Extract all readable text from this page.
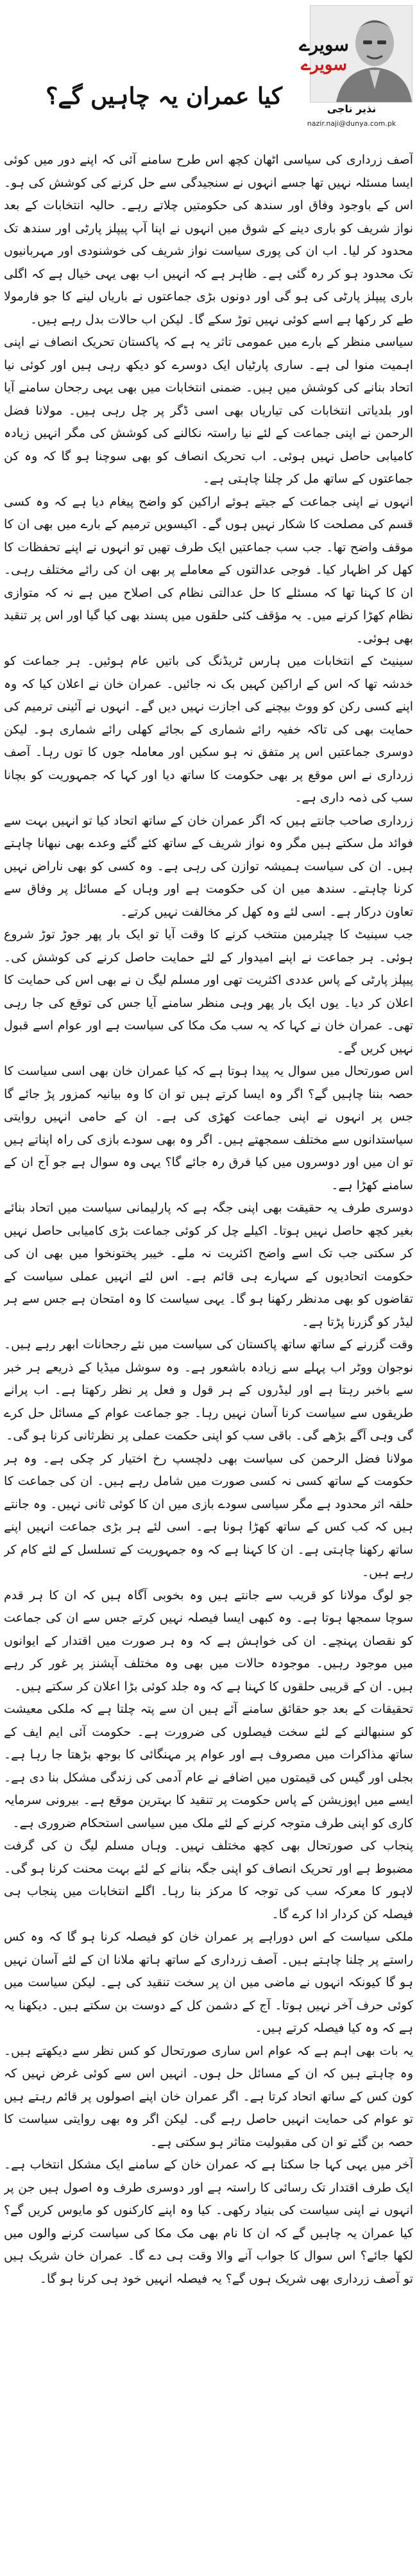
کیا عمران یہ چاہیں گے؟
سویرے
سویرے
نذیر ناجی
nazir.naji@dunya.com.pk

آصف زرداری کی سیاسی اٹھان کچھ اس طرح سامنے آئی کہ اپنے دور میں کوئی ایسا مسئلہ نہیں تھا جسے انہوں نے سنجیدگی سے حل کرنے کی کوشش کی ہو۔ اس کے باوجود وفاق اور سندھ کی حکومتیں چلاتے رہے۔ حالیہ انتخابات کے بعد نواز شریف کو باری دینے کے شوق میں انہوں نے اپنا آپ پیپلز پارٹی اور سندھ تک محدود کر لیا۔ اب ان کی پوری سیاست نواز شریف کی خوشنودی اور مہربانیوں تک محدود ہو کر رہ گئی ہے۔ ظاہر ہے کہ انہیں اب بھی یہی خیال ہے کہ اگلی باری پیپلز پارٹی کی ہو گی اور دونوں بڑی جماعتوں نے باریاں لینے کا جو فارمولا طے کر رکھا ہے اسے کوئی نہیں توڑ سکے گا۔ لیکن اب حالات بدل رہے ہیں۔

سیاسی منظر کے بارے میں عمومی تاثر یہ ہے کہ پاکستان تحریک انصاف نے اپنی اہمیت منوا لی ہے۔ ساری پارٹیاں ایک دوسرے کو دیکھ رہی ہیں اور کوئی نیا اتحاد بنانے کی کوشش میں ہیں۔ ضمنی انتخابات میں بھی یہی رجحان سامنے آیا اور بلدیاتی انتخابات کی تیاریاں بھی اسی ڈگر پر چل رہی ہیں۔ مولانا فضل الرحمن نے اپنی جماعت کے لئے نیا راستہ نکالنے کی کوشش کی مگر انہیں زیادہ کامیابی حاصل نہیں ہوئی۔ اب تحریک انصاف کو بھی سوچنا ہو گا کہ وہ کن جماعتوں کے ساتھ مل کر چلنا چاہتی ہے۔

انہوں نے اپنی جماعت کے جیتے ہوئے اراکین کو واضح پیغام دیا ہے کہ وہ کسی قسم کی مصلحت کا شکار نہیں ہوں گے۔ اکیسویں ترمیم کے بارے میں بھی ان کا موقف واضح تھا۔ جب سب جماعتیں ایک طرف تھیں تو انہوں نے اپنے تحفظات کا کھل کر اظہار کیا۔ فوجی عدالتوں کے معاملے پر بھی ان کی رائے مختلف رہی۔ ان کا کہنا تھا کہ مسئلے کا حل عدالتی نظام کی اصلاح میں ہے نہ کہ متوازی نظام کھڑا کرنے میں۔ یہ مؤقف کئی حلقوں میں پسند بھی کیا گیا اور اس پر تنقید بھی ہوئی۔

سینیٹ کے انتخابات میں ہارس ٹریڈنگ کی باتیں عام ہوئیں۔ ہر جماعت کو خدشہ تھا کہ اس کے اراکین کہیں بک نہ جائیں۔ عمران خان نے اعلان کیا کہ وہ اپنے کسی رکن کو ووٹ بیچنے کی اجازت نہیں دیں گے۔ انہوں نے آئینی ترمیم کی حمایت بھی کی تاکہ خفیہ رائے شماری کے بجائے کھلی رائے شماری ہو۔ لیکن دوسری جماعتیں اس پر متفق نہ ہو سکیں اور معاملہ جوں کا توں رہا۔ آصف زرداری نے اس موقع پر بھی حکومت کا ساتھ دیا اور کہا کہ جمہوریت کو بچانا سب کی ذمہ داری ہے۔

زرداری صاحب جانتے ہیں کہ اگر عمران خان کے ساتھ اتحاد کیا تو انہیں بہت سے فوائد مل سکتے ہیں مگر وہ نواز شریف کے ساتھ کئے گئے وعدے بھی نبھانا چاہتے ہیں۔ ان کی سیاست ہمیشہ توازن کی رہی ہے۔ وہ کسی کو بھی ناراض نہیں کرنا چاہتے۔ سندھ میں ان کی حکومت ہے اور وہاں کے مسائل پر وفاق سے تعاون درکار ہے۔ اسی لئے وہ کھل کر مخالفت نہیں کرتے۔

جب سینیٹ کا چیئرمین منتخب کرنے کا وقت آیا تو ایک بار پھر جوڑ توڑ شروع ہوئی۔ ہر جماعت نے اپنے امیدوار کے لئے حمایت حاصل کرنے کی کوشش کی۔ پیپلز پارٹی کے پاس عددی اکثریت تھی اور مسلم لیگ ن نے بھی اس کی حمایت کا اعلان کر دیا۔ یوں ایک بار پھر وہی منظر سامنے آیا جس کی توقع کی جا رہی تھی۔ عمران خان نے کہا کہ یہ سب مک مکا کی سیاست ہے اور عوام اسے قبول نہیں کریں گے۔

اس صورتحال میں سوال یہ پیدا ہوتا ہے کہ کیا عمران خان بھی اسی سیاست کا حصہ بننا چاہیں گے؟ اگر وہ ایسا کرتے ہیں تو ان کا وہ بیانیہ کمزور پڑ جائے گا جس پر انہوں نے اپنی جماعت کھڑی کی ہے۔ ان کے حامی انہیں روایتی سیاستدانوں سے مختلف سمجھتے ہیں۔ اگر وہ بھی سودے بازی کی راہ اپناتے ہیں تو ان میں اور دوسروں میں کیا فرق رہ جائے گا؟ یہی وہ سوال ہے جو آج ان کے سامنے کھڑا ہے۔

دوسری طرف یہ حقیقت بھی اپنی جگہ ہے کہ پارلیمانی سیاست میں اتحاد بنائے بغیر کچھ حاصل نہیں ہوتا۔ اکیلے چل کر کوئی جماعت بڑی کامیابی حاصل نہیں کر سکتی جب تک اسے واضح اکثریت نہ ملے۔ خیبر پختونخوا میں بھی ان کی حکومت اتحادیوں کے سہارے ہی قائم ہے۔ اس لئے انہیں عملی سیاست کے تقاضوں کو بھی مدنظر رکھنا ہو گا۔ یہی سیاست کا وہ امتحان ہے جس سے ہر لیڈر کو گزرنا پڑتا ہے۔

وقت گزرنے کے ساتھ ساتھ پاکستان کی سیاست میں نئے رجحانات ابھر رہے ہیں۔ نوجوان ووٹر اب پہلے سے زیادہ باشعور ہے۔ وہ سوشل میڈیا کے ذریعے ہر خبر سے باخبر رہتا ہے اور لیڈروں کے ہر قول و فعل پر نظر رکھتا ہے۔ اب پرانے طریقوں سے سیاست کرنا آسان نہیں رہا۔ جو جماعت عوام کے مسائل حل کرے گی وہی آگے بڑھے گی۔ باقی سب کو اپنی حکمت عملی پر نظرثانی کرنا ہو گی۔

مولانا فضل الرحمن کی سیاست بھی دلچسپ رخ اختیار کر چکی ہے۔ وہ ہر حکومت کے ساتھ کسی نہ کسی صورت میں شامل رہے ہیں۔ ان کی جماعت کا حلقہ اثر محدود ہے مگر سیاسی سودے بازی میں ان کا کوئی ثانی نہیں۔ وہ جانتے ہیں کہ کب کس کے ساتھ کھڑا ہونا ہے۔ اسی لئے ہر بڑی جماعت انہیں اپنے ساتھ رکھنا چاہتی ہے۔ ان کا کہنا ہے کہ وہ جمہوریت کے تسلسل کے لئے کام کر رہے ہیں۔

جو لوگ مولانا کو قریب سے جانتے ہیں وہ بخوبی آگاہ ہیں کہ ان کا ہر قدم سوچا سمجھا ہوتا ہے۔ وہ کبھی ایسا فیصلہ نہیں کرتے جس سے ان کی جماعت کو نقصان پہنچے۔ ان کی خواہش ہے کہ وہ ہر صورت میں اقتدار کے ایوانوں میں موجود رہیں۔ موجودہ حالات میں بھی وہ مختلف آپشنز پر غور کر رہے ہیں۔ ان کے قریبی حلقوں کا کہنا ہے کہ وہ جلد کوئی بڑا اعلان کر سکتے ہیں۔

تحقیقات کے بعد جو حقائق سامنے آئے ہیں ان سے پتہ چلتا ہے کہ ملکی معیشت کو سنبھالنے کے لئے سخت فیصلوں کی ضرورت ہے۔ حکومت آئی ایم ایف کے ساتھ مذاکرات میں مصروف ہے اور عوام پر مہنگائی کا بوجھ بڑھتا جا رہا ہے۔ بجلی اور گیس کی قیمتوں میں اضافے نے عام آدمی کی زندگی مشکل بنا دی ہے۔ ایسے میں اپوزیشن کے پاس حکومت پر تنقید کا بہترین موقع ہے۔ بیرونی سرمایہ کاری کو اپنی طرف متوجہ کرنے کے لئے ملک میں سیاسی استحکام ضروری ہے۔

پنجاب کی صورتحال بھی کچھ مختلف نہیں۔ وہاں مسلم لیگ ن کی گرفت مضبوط ہے اور تحریک انصاف کو اپنی جگہ بنانے کے لئے بہت محنت کرنا ہو گی۔ لاہور کا معرکہ سب کی توجہ کا مرکز بنا رہا۔ اگلے انتخابات میں پنجاب ہی فیصلہ کن کردار ادا کرے گا۔

ملکی سیاست کے اس دوراہے پر عمران خان کو فیصلہ کرنا ہو گا کہ وہ کس راستے پر چلنا چاہتے ہیں۔ آصف زرداری کے ساتھ ہاتھ ملانا ان کے لئے آسان نہیں ہو گا کیونکہ انہوں نے ماضی میں ان پر سخت تنقید کی ہے۔ لیکن سیاست میں کوئی حرف آخر نہیں ہوتا۔ آج کے دشمن کل کے دوست بن سکتے ہیں۔ دیکھنا یہ ہے کہ وہ کیا فیصلہ کرتے ہیں۔

یہ بات بھی اہم ہے کہ عوام اس ساری صورتحال کو کس نظر سے دیکھتے ہیں۔ وہ چاہتے ہیں کہ ان کے مسائل حل ہوں۔ انہیں اس سے کوئی غرض نہیں کہ کون کس کے ساتھ اتحاد کرتا ہے۔ اگر عمران خان اپنے اصولوں پر قائم رہتے ہیں تو عوام کی حمایت انہیں حاصل رہے گی۔ لیکن اگر وہ بھی روایتی سیاست کا حصہ بن گئے تو ان کی مقبولیت متاثر ہو سکتی ہے۔

آخر میں یہی کہا جا سکتا ہے کہ عمران خان کے سامنے ایک مشکل انتخاب ہے۔ ایک طرف اقتدار تک رسائی کا راستہ ہے اور دوسری طرف وہ اصول ہیں جن پر انہوں نے اپنی سیاست کی بنیاد رکھی۔ کیا وہ اپنے کارکنوں کو مایوس کریں گے؟ کیا عمران یہ چاہیں گے کہ ان کا نام بھی مک مکا کی سیاست کرنے والوں میں لکھا جائے؟ اس سوال کا جواب آنے والا وقت ہی دے گا۔ عمران خان شریک ہیں تو آصف زرداری بھی شریک ہوں گے؟ یہ فیصلہ انہیں خود ہی کرنا ہو گا۔
